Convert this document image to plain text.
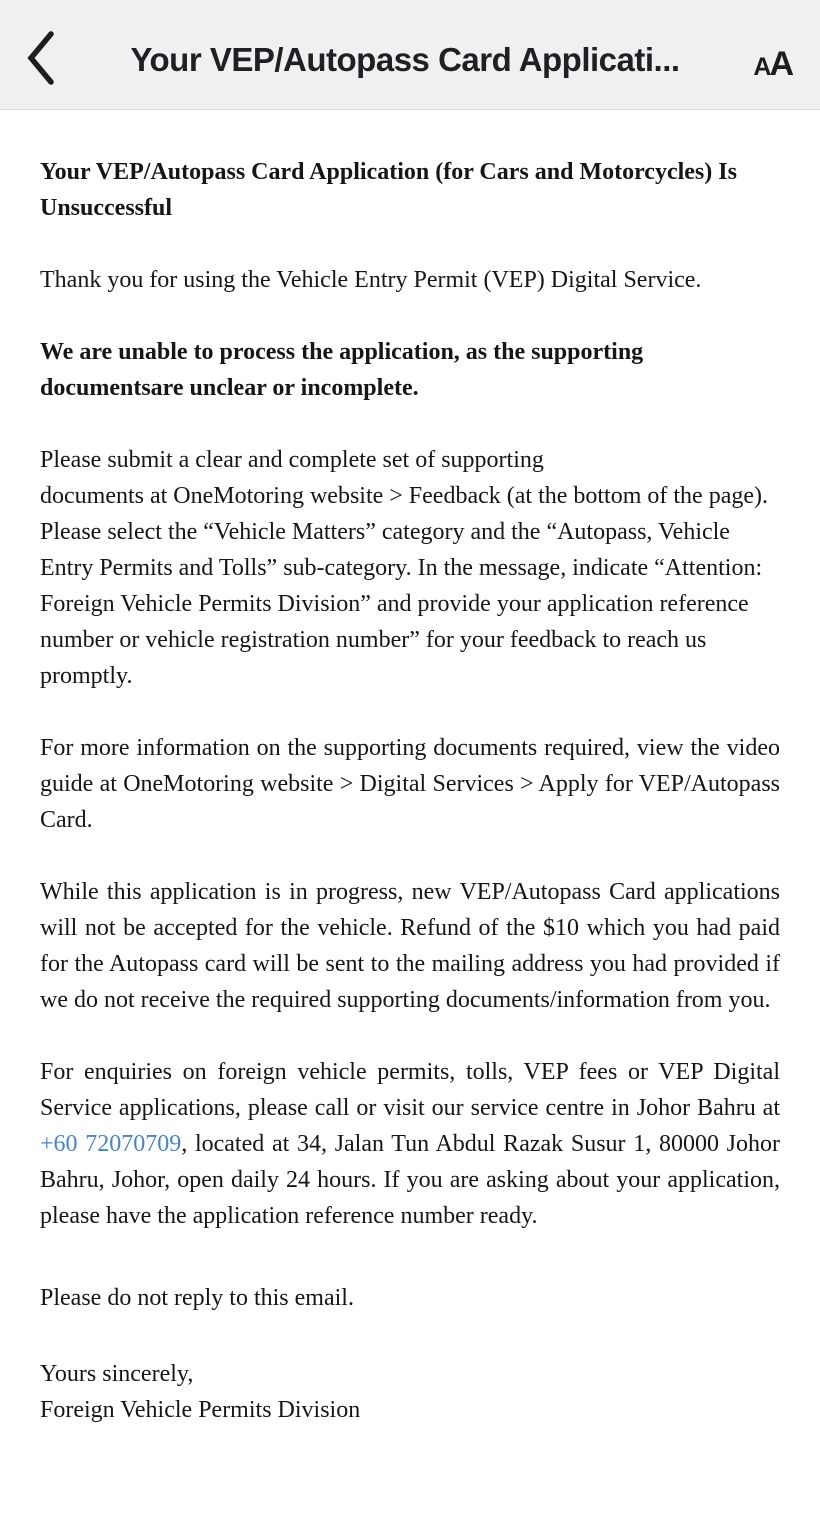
Your VEP/Autopass Card Applicati...	AA

Your VEP/Autopass Card Application (for Cars and Motorcycles) Is Unsuccessful

Thank you for using the Vehicle Entry Permit (VEP) Digital Service.

We are unable to process the application, as the supporting documentsare unclear or incomplete.

Please submit a clear and complete set of supporting
documents at OneMotoring website > Feedback (at the bottom of the page). Please select the “Vehicle Matters” category and the “Autopass, Vehicle Entry Permits and Tolls” sub-category. In the message, indicate “Attention: Foreign Vehicle Permits Division” and provide your application reference number or vehicle registration number” for your feedback to reach us promptly.

For more information on the supporting documents required, view the video guide at OneMotoring website > Digital Services > Apply for VEP/Autopass Card.

While this application is in progress, new VEP/Autopass Card applications will not be accepted for the vehicle. Refund of the $10 which you had paid for the Autopass card will be sent to the mailing address you had provided if we do not receive the required supporting documents/information from you.

For enquiries on foreign vehicle permits, tolls, VEP fees or VEP Digital Service applications, please call or visit our service centre in Johor Bahru at +60 72070709, located at 34, Jalan Tun Abdul Razak Susur 1, 80000 Johor Bahru, Johor, open daily 24 hours. If you are asking about your application, please have the application reference number ready.

Please do not reply to this email.

Yours sincerely,
Foreign Vehicle Permits Division
